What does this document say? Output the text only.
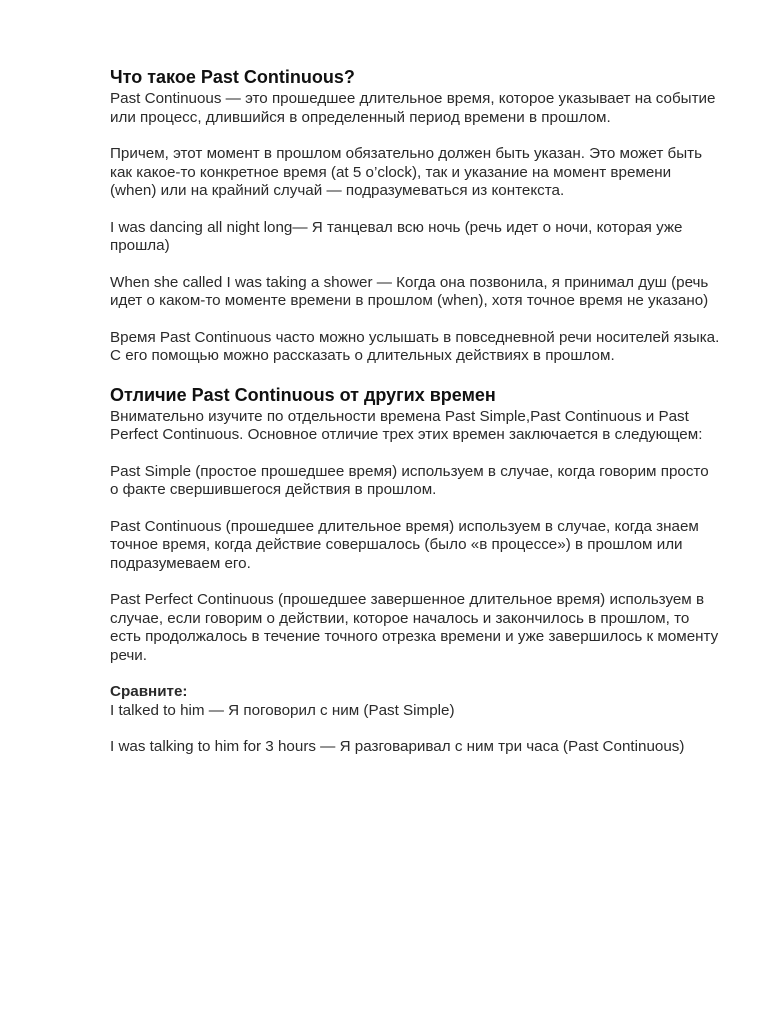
Что такое Past Continuous?

Past Continuous — это прошедшее длительное время, которое указывает на событие или процесс, длившийся в определенный период времени в прошлом.

Причем, этот момент в прошлом обязательно должен быть указан. Это может быть как какое-то конкретное время (at 5 o’clock), так и указание на момент времени (when) или на крайний случай — подразумеваться из контекста.

I was dancing all night long— Я танцевал всю ночь (речь идет о ночи, которая уже прошла)

When she called I was taking a shower — Когда она позвонила, я принимал душ (речь идет о каком-то моменте времени в прошлом (when), хотя точное время не указано)

Время Past Continuous часто можно услышать в повседневной речи носителей языка. С его помощью можно рассказать о длительных действиях в прошлом.

Отличие Past Continuous от других времен

Внимательно изучите по отдельности времена Past Simple,Past Continuous и Past Perfect Continuous. Основное отличие трех этих времен заключается в следующем:

Past Simple (простое прошедшее время) используем в случае, когда говорим просто о факте свершившегося действия в прошлом.

Past Continuous (прошедшее длительное время) используем в случае, когда знаем точное время, когда действие совершалось (было «в процессе») в прошлом или подразумеваем его.

Past Perfect Continuous (прошедшее завершенное длительное время) используем в случае, если говорим о действии, которое началось и закончилось в прошлом, то есть продолжалось в течение точного отрезка времени и уже завершилось к моменту речи.

Сравните:
I talked to him — Я поговорил с ним (Past Simple)

I was talking to him for 3 hours — Я разговаривал с ним три часа (Past Continuous)
